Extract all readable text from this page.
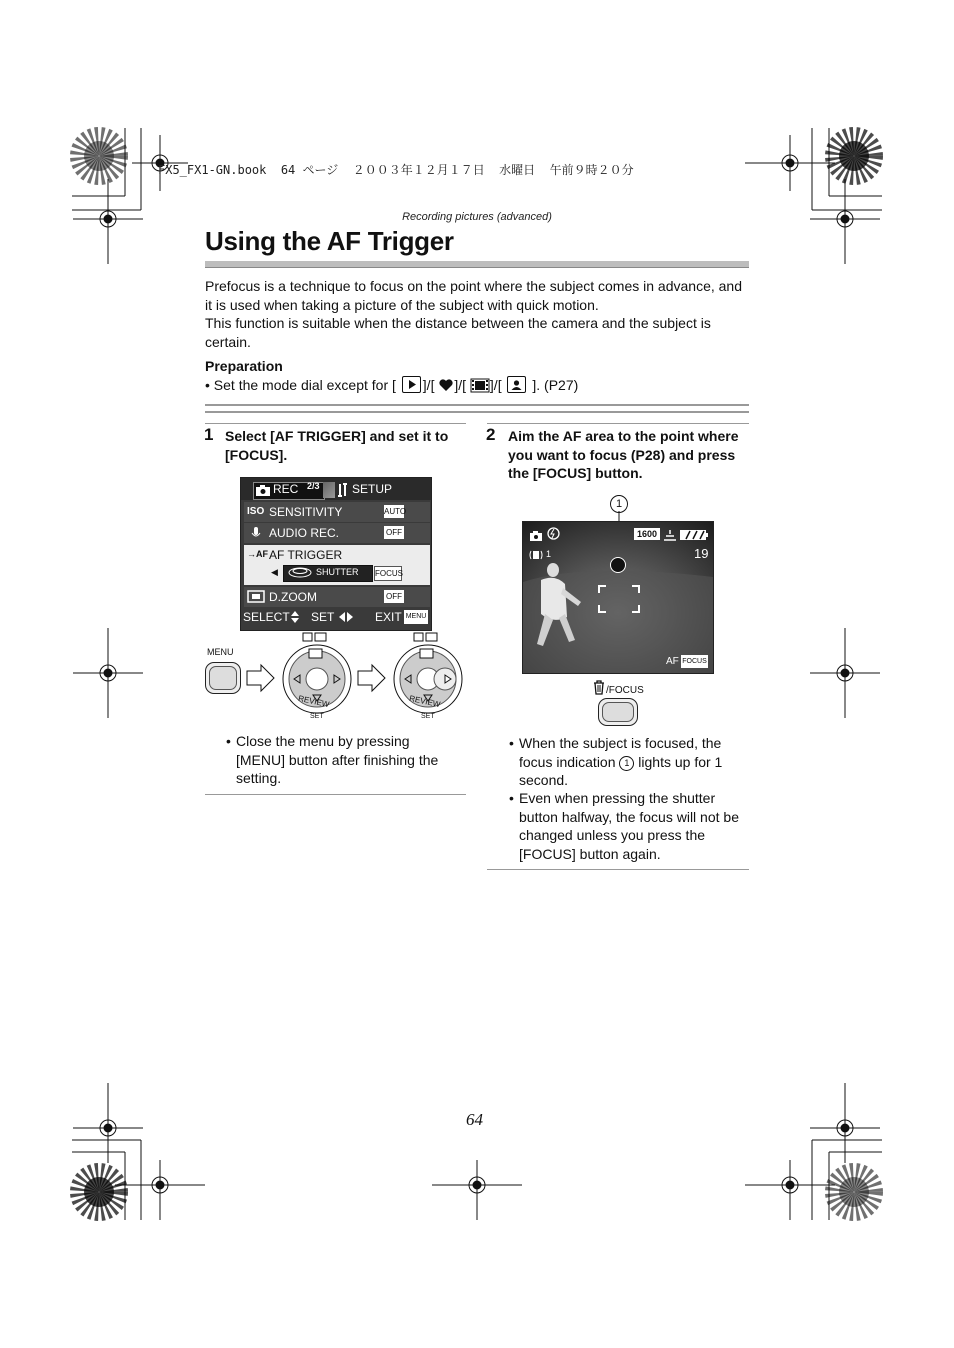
FX5_FX1-GN.book  64 ページ  ２００３年１２月１７日  水曜日  午前９時２０分
Recording pictures (advanced)
Using the AF Trigger

Prefocus is a technique to focus on the point where the subject comes in advance, and it is used when taking a picture of the subject with quick motion.

This function is suitable when the distance between the camera and the subject is certain.

Preparation
• Set the mode dial except for [ ]/[ ]/[ ]/[ ]. (P27)
1 Select [AF TRIGGER] and set it to [FOCUS].
REC 2/3	SETUP
ISO SENSITIVITY	AUTO
AUDIO REC.	OFF
→AF AF TRIGGER
◀	SHUTTER FOCUS
D.ZOOM	OFF
SELECT SET	EXIT MENU
MENU
REVIEW
SET
REVIEW
SET
• Close the menu by pressing [MENU] button after finishing the setting.
2 Aim the AF area to the point where you want to focus (P28) and press the [FOCUS] button.
1
1600
1	19
AF FOCUS
/FOCUS
• When the subject is focused, the focus indication 1 lights up for 1 second.
• Even when pressing the shutter button halfway, the focus will not be changed unless you press the [FOCUS] button again.
64
